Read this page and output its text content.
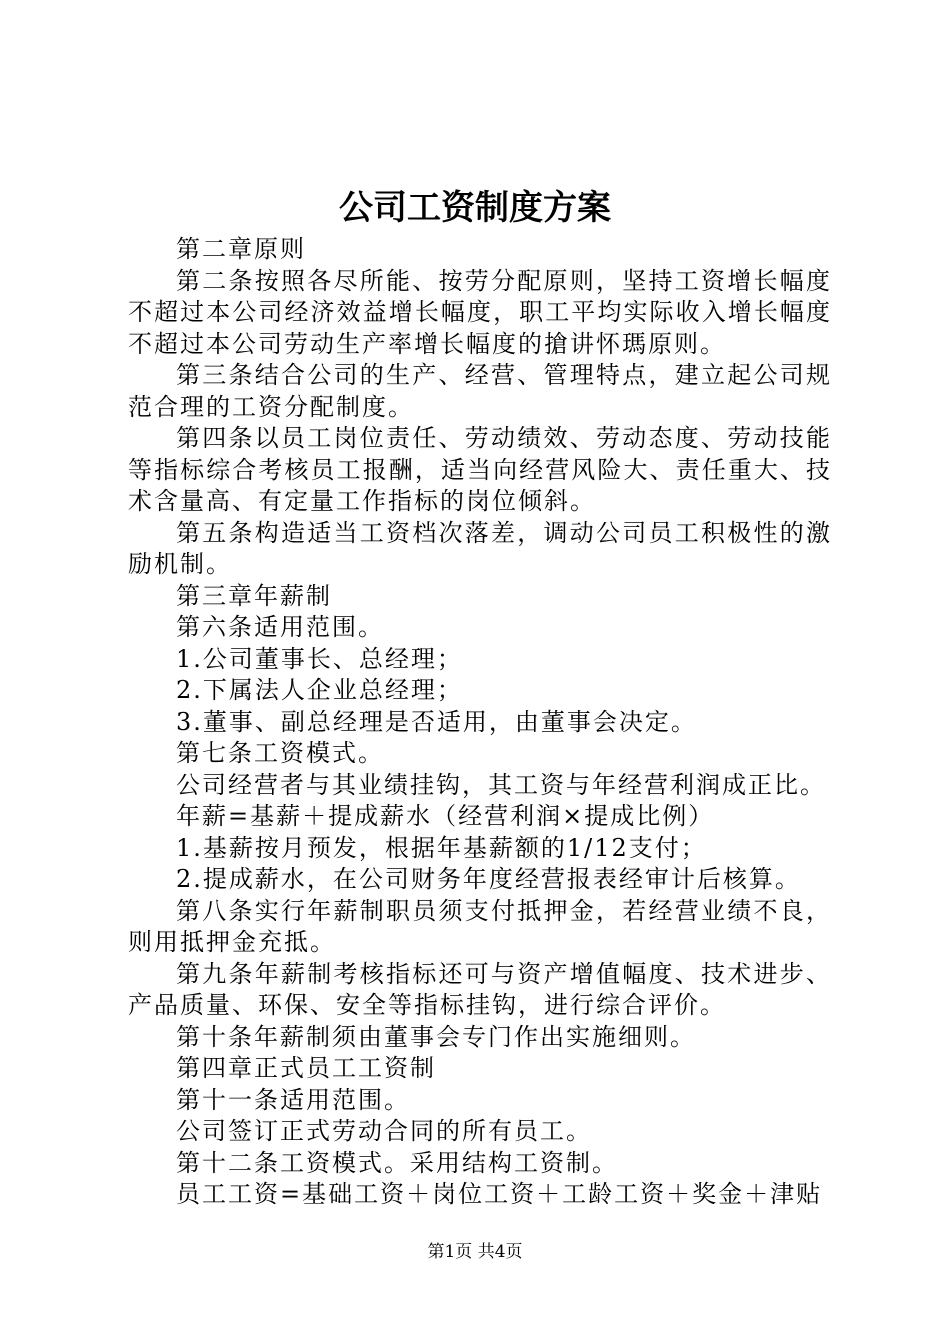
公司工资制度方案

第二章原则

第二条按照各尽所能、按劳分配原则，坚持工资增长幅度不超过本公司经济效益增长幅度，职工平均实际收入增长幅度不超过本公司劳动生产率增长幅度的搶讲怀瑪原则。

第三条结合公司的生产、经营、管理特点，建立起公司规范合理的工资分配制度。

第四条以员工岗位责任、劳动绩效、劳动态度、劳动技能等指标综合考核员工报酬，适当向经营风险大、责任重大、技术含量高、有定量工作指标的岗位倾斜。

第五条构造适当工资档次落差，调动公司员工积极性的激励机制。

第三章年薪制

第六条适用范围。

1.公司董事长、总经理；

2.下属法人企业总经理；

3.董事、副总经理是否适用，由董事会决定。

第七条工资模式。

公司经营者与其业绩挂钩，其工资与年经营利润成正比。

年薪=基薪＋提成薪水（经营利润×提成比例）

1.基薪按月预发，根据年基薪额的1/12支付；

2.提成薪水，在公司财务年度经营报表经审计后核算。

第八条实行年薪制职员须支付抵押金，若经营业绩不良，则用抵押金充抵。

第九条年薪制考核指标还可与资产增值幅度、技术进步、产品质量、环保、安全等指标挂钩，进行综合评价。

第十条年薪制须由董事会专门作出实施细则。

第四章正式员工工资制

第十一条适用范围。

公司签订正式劳动合同的所有员工。

第十二条工资模式。采用结构工资制。

员工工资=基础工资＋岗位工资＋工龄工资＋奖金＋津贴

第1页 共4页
